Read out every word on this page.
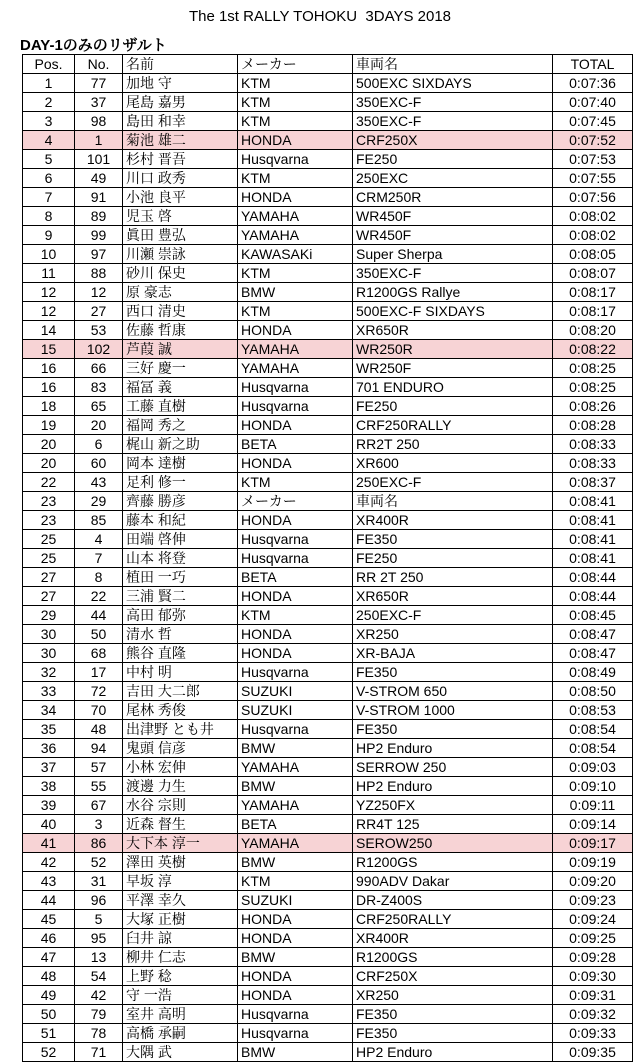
The 1st RALLY TOHOKU  3DAYS 2018
DAY-1のみのリザルト
Pos.	No.	名前	メーカー	車両名	TOTAL
1	77	加地 守	KTM	500EXC SIXDAYS	0:07:36
2	37	尾島 嘉男	KTM	350EXC-F	0:07:40
3	98	島田 和幸	KTM	350EXC-F	0:07:45
4	1	菊池 雄二	HONDA	CRF250X	0:07:52
5	101	杉村 晋吾	Husqvarna	FE250	0:07:53
6	49	川口 政秀	KTM	250EXC	0:07:55
7	91	小池 良平	HONDA	CRM250R	0:07:56
8	89	児玉 啓	YAMAHA	WR450F	0:08:02
9	99	眞田 豊弘	YAMAHA	WR450F	0:08:02
10	97	川瀬 崇詠	KAWASAKi	Super Sherpa	0:08:05
11	88	砂川 保史	KTM	350EXC-F	0:08:07
12	12	原 豪志	BMW	R1200GS Rallye	0:08:17
12	27	西口 清史	KTM	500EXC-F SIXDAYS	0:08:17
14	53	佐藤 哲康	HONDA	XR650R	0:08:20
15	102	芦葭 誠	YAMAHA	WR250R	0:08:22
16	66	三好 慶一	YAMAHA	WR250F	0:08:25
16	83	福冨 義	Husqvarna	701 ENDURO	0:08:25
18	65	工藤 直樹	Husqvarna	FE250	0:08:26
19	20	福岡 秀之	HONDA	CRF250RALLY	0:08:28
20	6	梶山 新之助	BETA	RR2T 250	0:08:33
20	60	岡本 達樹	HONDA	XR600	0:08:33
22	43	足利 修一	KTM	250EXC-F	0:08:37
23	29	齊藤 勝彦	メーカー	車両名	0:08:41
23	85	藤本 和紀	HONDA	XR400R	0:08:41
25	4	田端 啓伸	Husqvarna	FE350	0:08:41
25	7	山本 将登	Husqvarna	FE250	0:08:41
27	8	植田 一巧	BETA	RR 2T 250	0:08:44
27	22	三浦 賢二	HONDA	XR650R	0:08:44
29	44	高田 郁弥	KTM	250EXC-F	0:08:45
30	50	清水 哲	HONDA	XR250	0:08:47
30	68	熊谷 直隆	HONDA	XR-BAJA	0:08:47
32	17	中村 明	Husqvarna	FE350	0:08:49
33	72	吉田 大二郎	SUZUKI	V-STROM 650	0:08:50
34	70	尾林 秀俊	SUZUKI	V-STROM 1000	0:08:53
35	48	出津野 とも井	Husqvarna	FE350	0:08:54
36	94	鬼頭 信彦	BMW	HP2 Enduro	0:08:54
37	57	小林 宏伸	YAMAHA	SERROW 250	0:09:03
38	55	渡邊 力生	BMW	HP2 Enduro	0:09:10
39	67	水谷 宗則	YAMAHA	YZ250FX	0:09:11
40	3	近森 督生	BETA	RR4T 125	0:09:14
41	86	大下本 淳一	YAMAHA	SEROW250	0:09:17
42	52	澤田 英樹	BMW	R1200GS	0:09:19
43	31	早坂 淳	KTM	990ADV Dakar	0:09:20
44	96	平澤 幸久	SUZUKI	DR-Z400S	0:09:23
45	5	大塚 正樹	HONDA	CRF250RALLY	0:09:24
46	95	臼井 諒	HONDA	XR400R	0:09:25
47	13	柳井 仁志	BMW	R1200GS	0:09:28
48	54	上野 稔	HONDA	CRF250X	0:09:30
49	42	守 一浩	HONDA	XR250	0:09:31
50	79	室井 高明	Husqvarna	FE350	0:09:32
51	78	高橋 承嗣	Husqvarna	FE350	0:09:33
52	71	大隅 武	BMW	HP2 Enduro	0:09:35
